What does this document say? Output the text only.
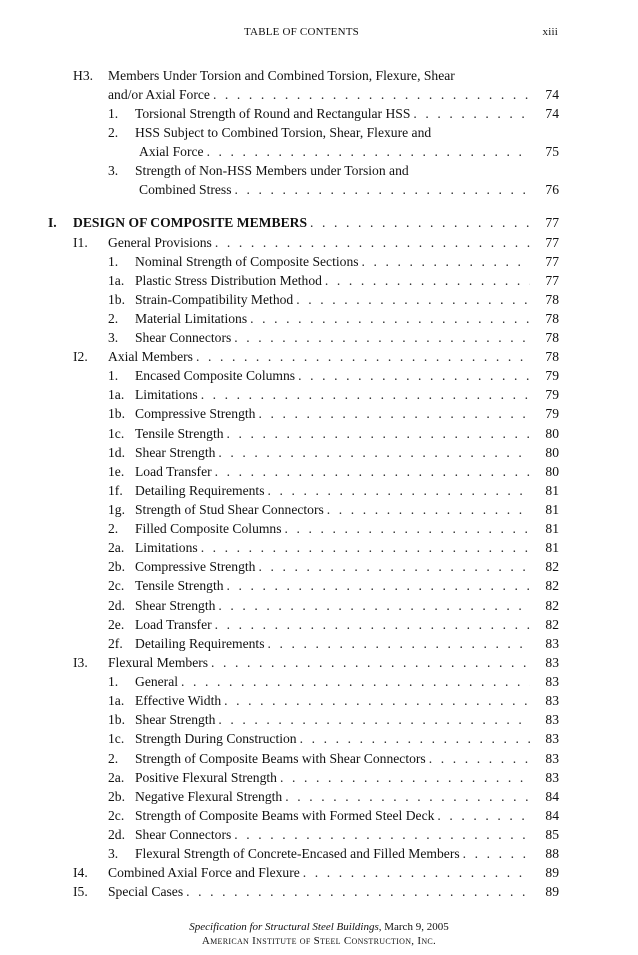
TABLE OF CONTENTS	xiii
H3. Members Under Torsion and Combined Torsion, Flexure, Shear
and/or Axial Force . . .	74
1. Torsional Strength of Round and Rectangular HSS . . .	74
2. HSS Subject to Combined Torsion, Shear, Flexure and
Axial Force . . .	75
3. Strength of Non-HSS Members under Torsion and
Combined Stress . . .	76
I. DESIGN OF COMPOSITE MEMBERS . . .	77
I1. General Provisions . . .	77
1. Nominal Strength of Composite Sections . . .	77
1a. Plastic Stress Distribution Method . . .	77
1b. Strain-Compatibility Method . . .	78
2. Material Limitations . . .	78
3. Shear Connectors . . .	78
I2. Axial Members . . .	78
1. Encased Composite Columns . . .	79
1a. Limitations . . .	79
1b. Compressive Strength . . .	79
1c. Tensile Strength . . .	80
1d. Shear Strength . . .	80
1e. Load Transfer . . .	80
1f. Detailing Requirements . . .	81
1g. Strength of Stud Shear Connectors . . .	81
2. Filled Composite Columns . . .	81
2a. Limitations . . .	81
2b. Compressive Strength . . .	82
2c. Tensile Strength . . .	82
2d. Shear Strength . . .	82
2e. Load Transfer . . .	82
2f. Detailing Requirements . . .	83
I3. Flexural Members . . .	83
1. General . . .	83
1a. Effective Width . . .	83
1b. Shear Strength . . .	83
1c. Strength During Construction . . .	83
2. Strength of Composite Beams with Shear Connectors . . .	83
2a. Positive Flexural Strength . . .	83
2b. Negative Flexural Strength . . .	84
2c. Strength of Composite Beams with Formed Steel Deck . . .	84
2d. Shear Connectors . . .	85
3. Flexural Strength of Concrete-Encased and Filled Members . . .	88
I4. Combined Axial Force and Flexure . . .	89
I5. Special Cases . . .	89
Specification for Structural Steel Buildings, March 9, 2005
American Institute of Steel Construction, Inc.
